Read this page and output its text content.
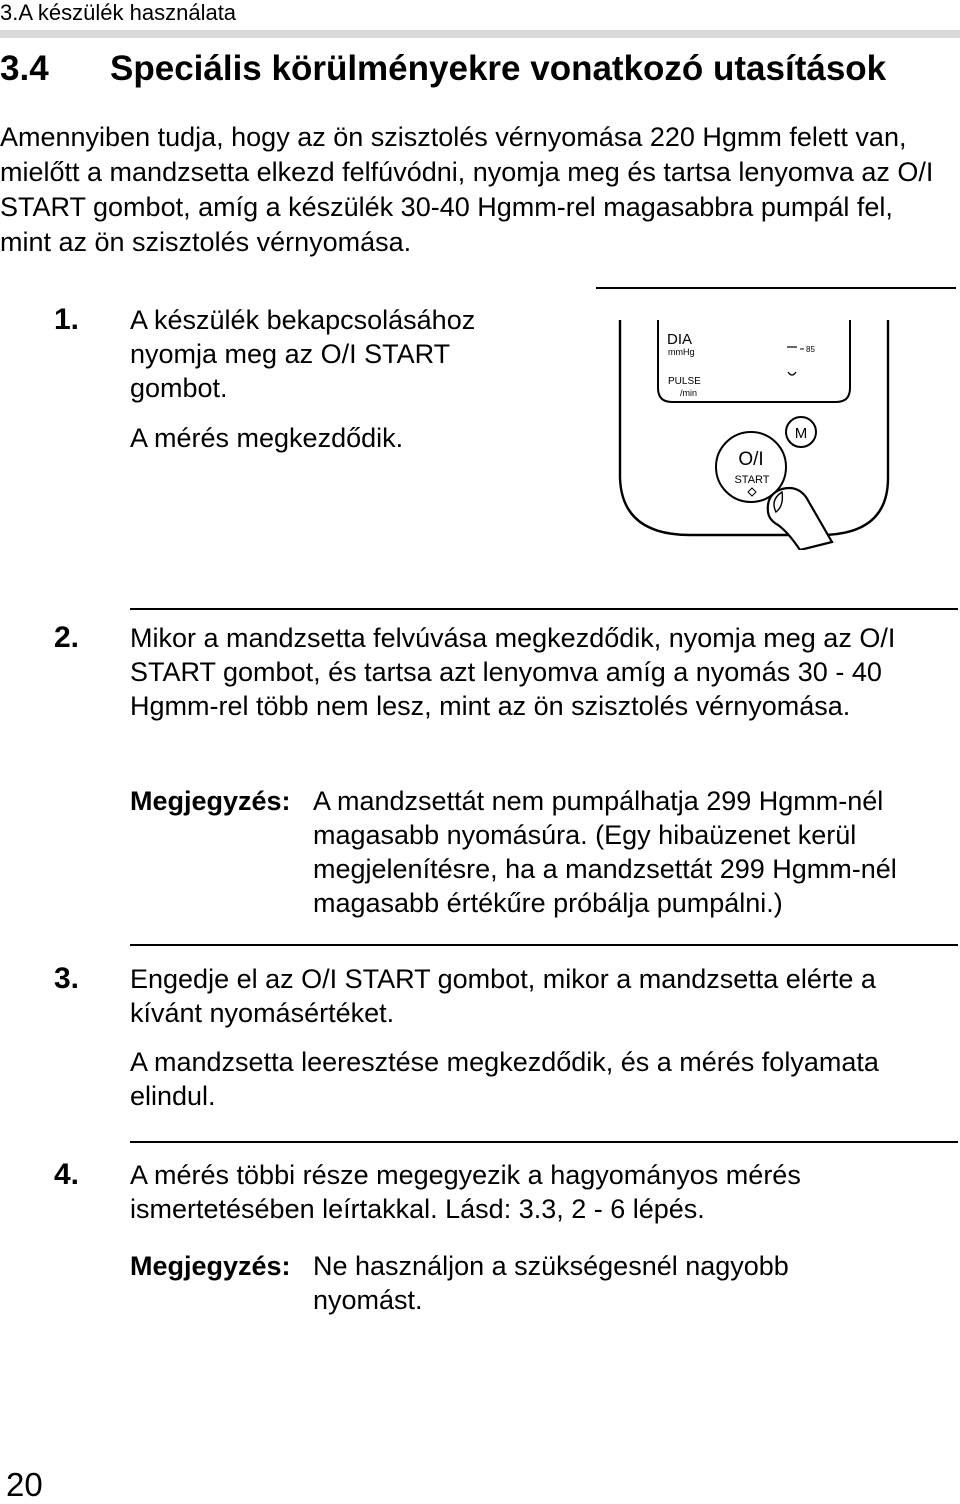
3.A készülék használata
3.4 Speciális körülményekre vonatkozó utasítások
Amennyiben tudja, hogy az ön szisztolés vérnyomása 220 Hgmm felett van, mielőtt a mandzsetta elkezd felfúvódni, nyomja meg és tartsa lenyomva az O/I START gombot, amíg a készülék 30-40 Hgmm-rel magasabbra pumpál fel, mint az ön szisztolés vérnyomása.
1. A készülék bekapcsolásához nyomja meg az O/I START gombot.
A mérés megkezdődik.
DIA
mmHg
PULSE
/min
85
M
O/I
START
2. Mikor a mandzsetta felvúvása megkezdődik, nyomja meg az O/I START gombot, és tartsa azt lenyomva amíg a nyomás 30 - 40 Hgmm-rel több nem lesz, mint az ön szisztolés vérnyomása.
Megjegyzés: A mandzsettát nem pumpálhatja 299 Hgmm-nél magasabb nyomásúra. (Egy hibaüzenet kerül megjelenítésre, ha a mandzsettát 299 Hgmm-nél magasabb értékűre próbálja pumpálni.)
3. Engedje el az O/I START gombot, mikor a mandzsetta elérte a kívánt nyomásértéket.
A mandzsetta leeresztése megkezdődik, és a mérés folyamata elindul.
4. A mérés többi része megegyezik a hagyományos mérés ismertetésében leírtakkal. Lásd: 3.3, 2 - 6 lépés.
Megjegyzés: Ne használjon a szükségesnél nagyobb nyomást.
20
